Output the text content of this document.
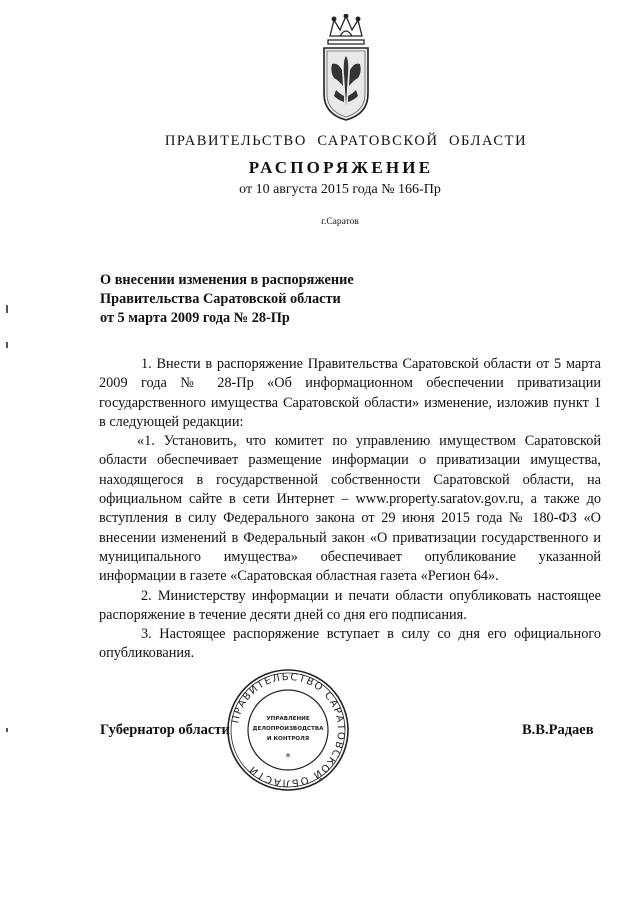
ПРАВИТЕЛЬСТВО  САРАТОВСКОЙ  ОБЛАСТИ
РАСПОРЯЖЕНИЕ
от 10 августа 2015 года № 166-Пр
г.Саратов
О внесении изменения в распоряжение
Правительства Саратовской области
от 5 марта 2009 года № 28-Пр

1. Внести в распоряжение Правительства Саратовской области от 5 марта 2009 года № 28-Пр «Об информационном обеспечении приватизации государственного имущества Саратовской области» изменение, изложив пункт 1 в следующей редакции:

«1. Установить, что комитет по управлению имуществом Саратовской области обеспечивает размещение информации о приватизации имущества, находящегося в государственной собственности Саратовской области, на официальном сайте в сети Интернет – www.property.saratov.gov.ru, а также до вступления в силу Федерального закона от 29 июня 2015 года № 180-ФЗ «О внесении изменений в Федеральный закон «О приватизации государственного и муниципального имущества» обеспечивает опубликование указанной информации в газете «Саратовская областная газета «Регион 64».

2. Министерству информации и печати области опубликовать настоящее распоряжение в течение десяти дней со дня его подписания.

3. Настоящее распоряжение вступает в силу со дня его официального опубликования.

Губернатор области	В.В.Радаев
ПРАВИТЕЛЬСТВО САРАТОВСКОЙ ОБЛАСТИ
УПРАВЛЕНИЕ
ДЕЛОПРОИЗВОДСТВА
И КОНТРОЛЯ
*
